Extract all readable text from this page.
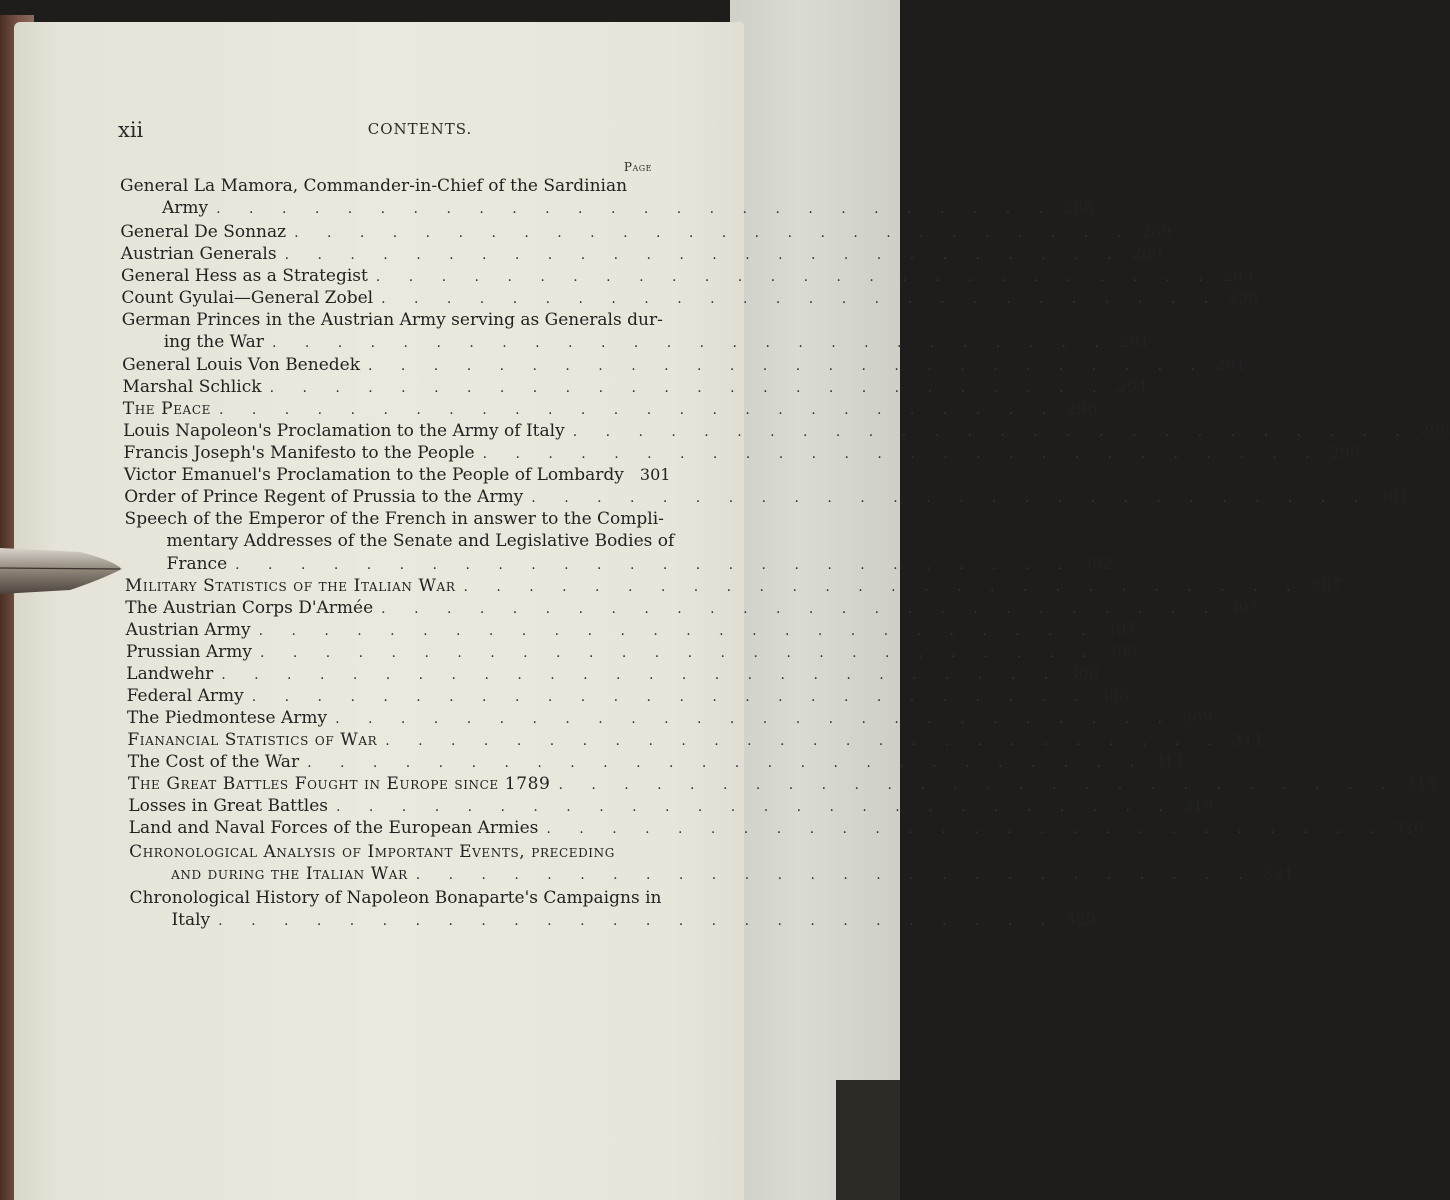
xii	CONTENTS.
Page
General La Mamora, Commander-in-Chief of the Sardinian
Army . . . . . . . . . . . . . . . . . . . . . . . . . . 288
General De Sonnaz . . . . . . . . . . . . . . . . . . . . . . . . . . 289
Austrian Generals . . . . . . . . . . . . . . . . . . . . . . . . . . 289
General Hess as a Strategist . . . . . . . . . . . . . . . . . . . . . . . . . . 289
Count Gyulai—General Zobel . . . . . . . . . . . . . . . . . . . . . . . . . . 290
German Princes in the Austrian Army serving as Generals dur-
ing the War . . . . . . . . . . . . . . . . . . . . . . . . . . 291
General Louis Von Benedek . . . . . . . . . . . . . . . . . . . . . . . . . . 291
Marshal Schlick . . . . . . . . . . . . . . . . . . . . . . . . . . 294
The Peace . . . . . . . . . . . . . . . . . . . . . . . . . . 296
Louis Napoleon's Proclamation to the Army of Italy . . . . . . . . . . . . . . . . . . . . . . . . . . 298
Francis Joseph's Manifesto to the People . . . . . . . . . . . . . . . . . . . . . . . . . . 299
Victor Emanuel's Proclamation to the People of Lombardy 301
Order of Prince Regent of Prussia to the Army . . . . . . . . . . . . . . . . . . . . . . . . . . 301
Speech of the Emperor of the French in answer to the Compli-
mentary Addresses of the Senate and Legislative Bodies of
France . . . . . . . . . . . . . . . . . . . . . . . . . . 302
Military Statistics of the Italian War . . . . . . . . . . . . . . . . . . . . . . . . . . 307
The Austrian Corps D'Armée . . . . . . . . . . . . . . . . . . . . . . . . . . 307
Austrian Army . . . . . . . . . . . . . . . . . . . . . . . . . . 307
Prussian Army . . . . . . . . . . . . . . . . . . . . . . . . . . 308
Landwehr . . . . . . . . . . . . . . . . . . . . . . . . . . 308
Federal Army . . . . . . . . . . . . . . . . . . . . . . . . . . 308
The Piedmontese Army . . . . . . . . . . . . . . . . . . . . . . . . . . 309
Fianancial Statistics of War . . . . . . . . . . . . . . . . . . . . . . . . . . 311
The Cost of the War . . . . . . . . . . . . . . . . . . . . . . . . . . 311
The Great Battles Fought in Europe since 1789 . . . . . . . . . . . . . . . . . . . . . . . . . . 315
Losses in Great Battles . . . . . . . . . . . . . . . . . . . . . . . . . . 318
Land and Naval Forces of the European Armies . . . . . . . . . . . . . . . . . . . . . . . . . . 320
Chronological Analysis of Important Events, preceding
and during the Italian War . . . . . . . . . . . . . . . . . . . . . . . . . . 321
Chronological History of Napoleon Bonaparte's Campaigns in
Italy . . . . . . . . . . . . . . . . . . . . . . . . . . 329
